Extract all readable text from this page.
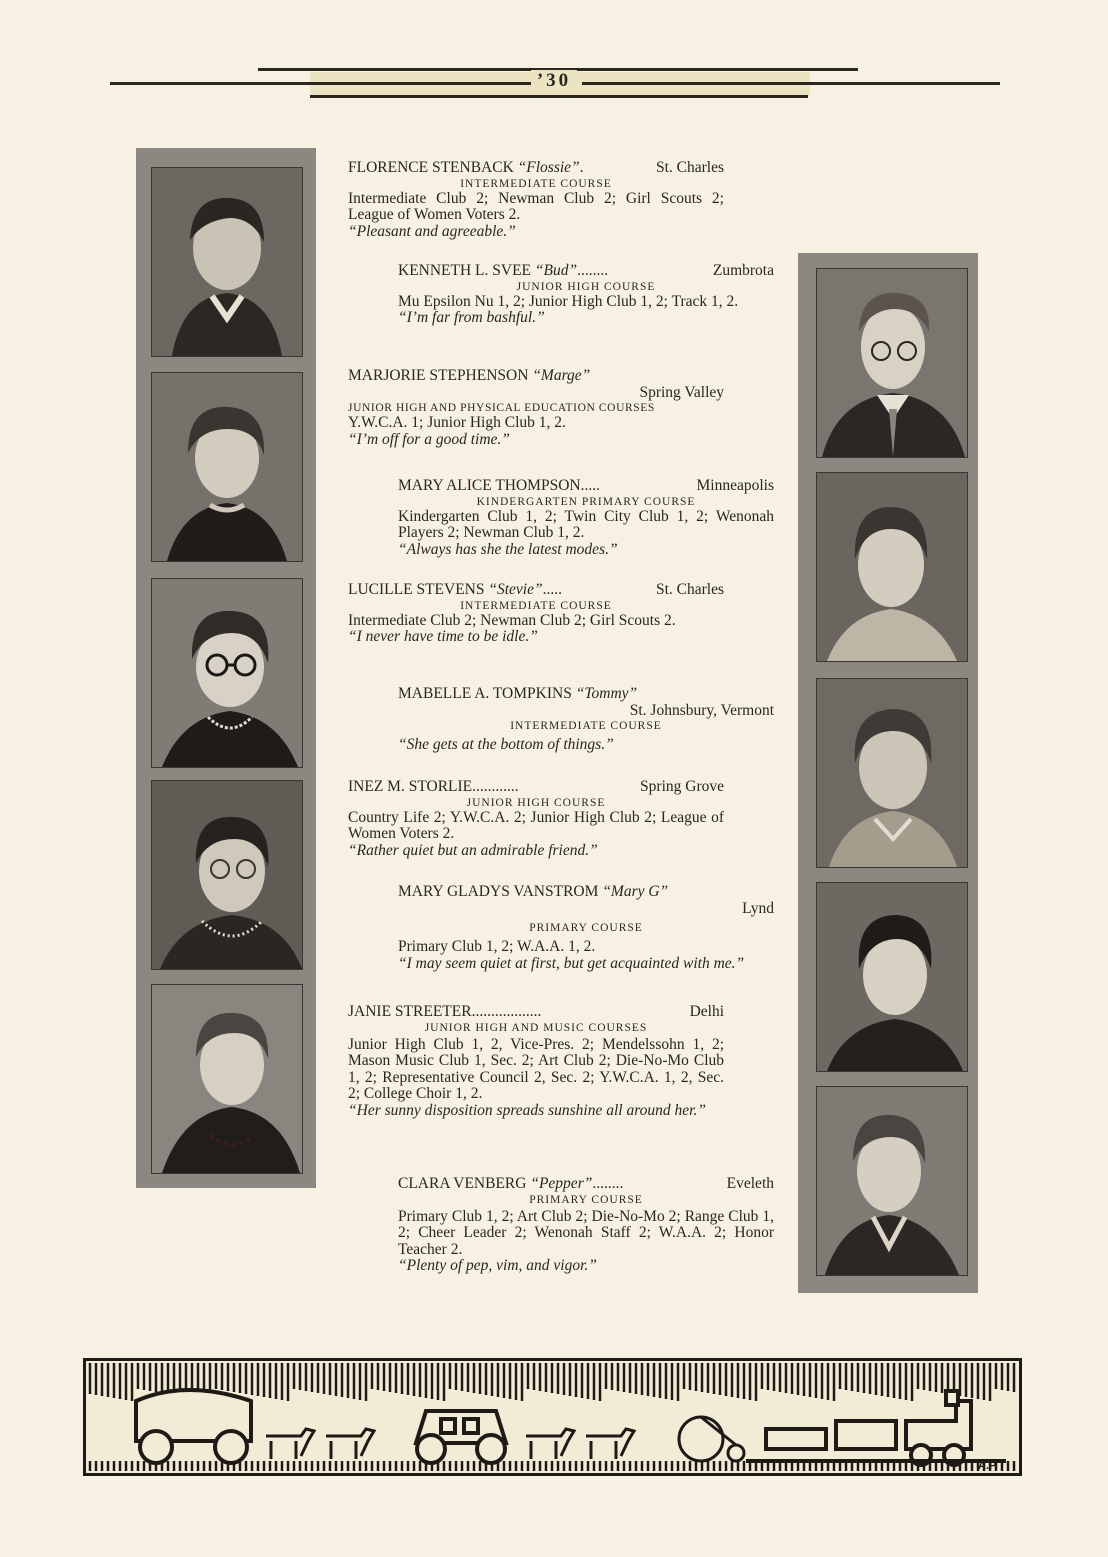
’30
FLORENCE STENBACK
“Flossie” .	St. Charles
INTERMEDIATE COURSE
Intermediate Club 2; Newman Club 2; Girl Scouts 2; League of Women Voters 2.
“Pleasant and agreeable.”
KENNETH L. SVEE
“Bud” ........	Zumbrota
JUNIOR HIGH COURSE
Mu Epsilon Nu 1, 2; Junior High Club 1, 2; Track 1, 2.
“I’m far from bashful.”
MARJORIE STEPHENSON
“Marge”
Spring Valley
JUNIOR HIGH AND PHYSICAL EDUCATION COURSES
Y.W.C.A. 1; Junior High Club 1, 2.
“I’m off for a good time.”
MARY ALICE THOMPSON .....	Minneapolis
KINDERGARTEN PRIMARY COURSE
Kindergarten Club 1, 2; Twin City Club 1, 2; Wenonah Players 2; Newman Club 1, 2.
“Always has she the latest modes.”
LUCILLE STEVENS
“Stevie” .....	St. Charles
INTERMEDIATE COURSE
Intermediate Club 2; Newman Club 2; Girl Scouts 2.
“I never have time to be idle.”
MABELLE A. TOMPKINS
“Tommy”
St. Johnsbury, Vermont
INTERMEDIATE COURSE
“She gets at the bottom of things.”
INEZ M. STORLIE ............	Spring Grove
JUNIOR HIGH COURSE
Country Life 2; Y.W.C.A. 2; Junior High Club 2; League of Women Voters 2.
“Rather quiet but an admirable friend.”
MARY GLADYS VANSTROM
“Mary G”
Lynd
PRIMARY COURSE
Primary Club 1, 2; W.A.A. 1, 2.
“I may seem quiet at first, but get acquainted with me.”
JANIE STREETER ..................	Delhi
JUNIOR HIGH AND MUSIC COURSES
Junior High Club 1, 2, Vice-Pres. 2; Mendelssohn 1, 2; Mason Music Club 1, Sec. 2; Art Club 2; Die-No-Mo Club 1, 2; Representative Council 2, Sec. 2; Y.W.C.A. 1, 2, Sec. 2; College Choir 1, 2.
“Her sunny disposition spreads sunshine all around her.”
CLARA VENBERG
“Pepper” ........	Eveleth
PRIMARY COURSE
Primary Club 1, 2; Art Club 2; Die-No-Mo 2; Range Club 1, 2; Cheer Leader 2; Wenonah Staff 2; W.A.A. 2; Honor Teacher 2.
“Plenty of pep, vim, and vigor.”
A.P.
